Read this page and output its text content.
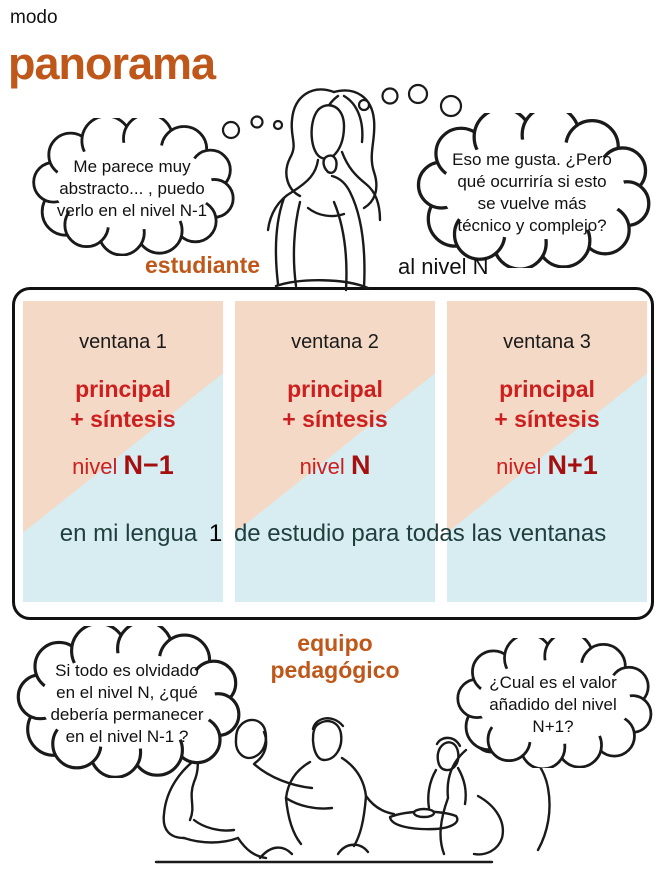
modo
panorama
Me parece muy
abstracto... , puedo
verlo en el nivel N-1
Eso me gusta. ¿Pero
qué ocurriría si esto
se vuelve más
técnico y complejo?
estudiante	al nivel N
ventana 1
principal
+ síntesis
nivel N−1
ventana 2
principal
+ síntesis
nivel N
ventana 3
principal
+ síntesis
nivel N+1
en mi lengua 1 de estudio para todas las ventanas
equipo
pedagógico
Si todo es olvidado
en el nivel N, ¿qué
debería permanecer
en el nivel N-1 ?
¿Cual es el valor
añadido del nivel
N+1?
